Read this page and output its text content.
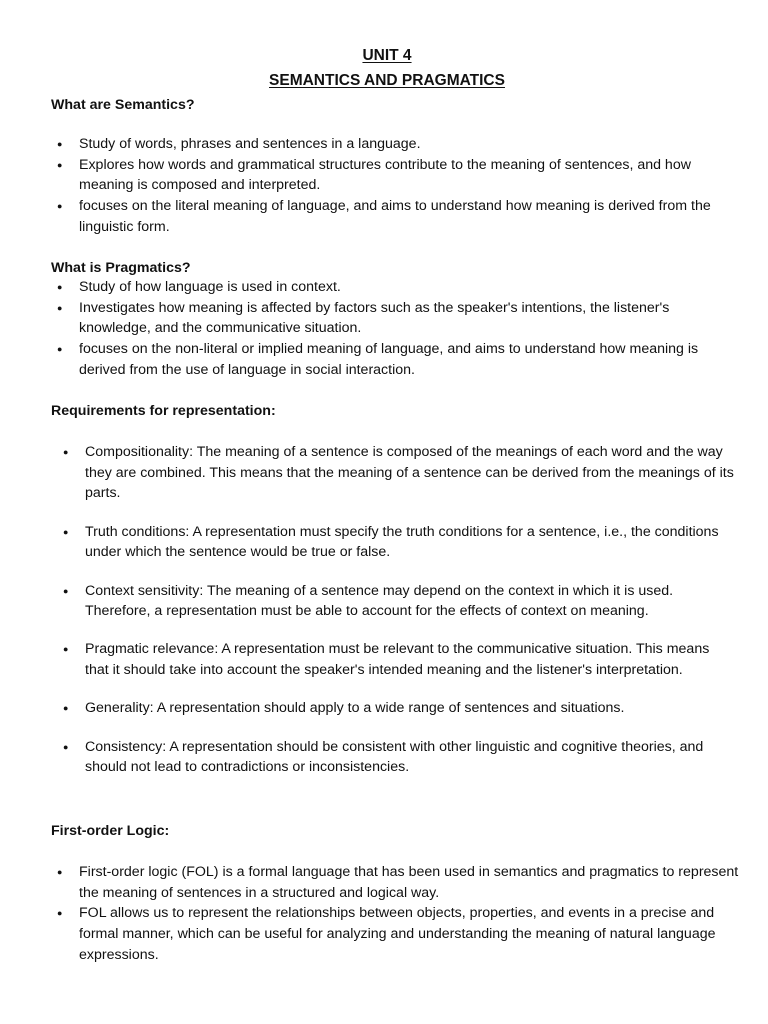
UNIT 4
SEMANTICS AND PRAGMATICS
What are Semantics?
● Study of words, phrases and sentences in a language.
● Explores how words and grammatical structures contribute to the meaning of sentences, and how meaning is composed and interpreted.
● focuses on the literal meaning of language, and aims to understand how meaning is derived from the linguistic form.
What is Pragmatics?
● Study of how language is used in context.
● Investigates how meaning is affected by factors such as the speaker's intentions, the listener's knowledge, and the communicative situation.
● focuses on the non-literal or implied meaning of language, and aims to understand how meaning is derived from the use of language in social interaction.
Requirements for representation:
● Compositionality: The meaning of a sentence is composed of the meanings of each word and the way they are combined. This means that the meaning of a sentence can be derived from the meanings of its parts.
● Truth conditions: A representation must specify the truth conditions for a sentence, i.e., the conditions under which the sentence would be true or false.
● Context sensitivity: The meaning of a sentence may depend on the context in which it is used. Therefore, a representation must be able to account for the effects of context on meaning.
● Pragmatic relevance: A representation must be relevant to the communicative situation. This means that it should take into account the speaker's intended meaning and the listener's interpretation.
● Generality: A representation should apply to a wide range of sentences and situations.
● Consistency: A representation should be consistent with other linguistic and cognitive theories, and should not lead to contradictions or inconsistencies.
First-order Logic:
● First-order logic (FOL) is a formal language that has been used in semantics and pragmatics to represent the meaning of sentences in a structured and logical way.
● FOL allows us to represent the relationships between objects, properties, and events in a precise and formal manner, which can be useful for analyzing and understanding the meaning of natural language expressions.
